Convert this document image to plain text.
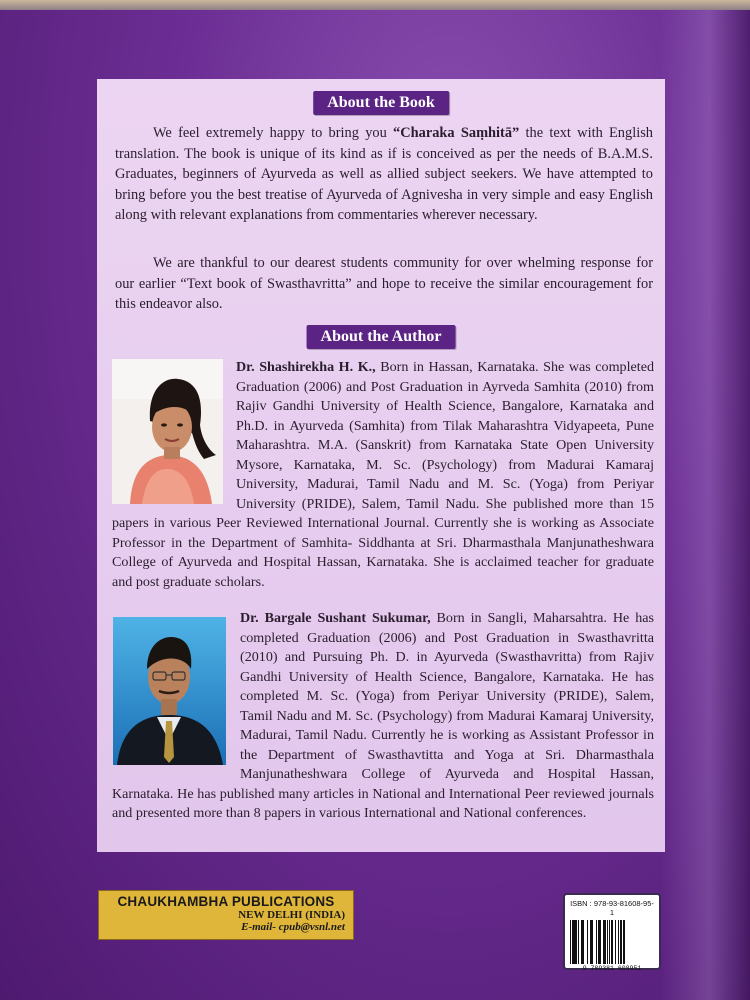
About the Book

We feel extremely happy to bring you “Charaka Saṃhitā” the text with English translation. The book is unique of its kind as if is conceived as per the needs of B.A.M.S. Graduates, beginners of Ayurveda as well as allied subject seekers. We have attempted to bring before you the best treatise of Ayurveda of Agnivesha in very simple and easy English along with relevant explanations from commentaries wherever necessary.

We are thankful to our dearest students community for over whelming response for our earlier “Text book of Swasthavritta” and hope to receive the similar encouragement for this endeavor also.

About the Author
Dr. Shashirekha H. K., Born in Hassan, Karnataka. She was completed Graduation (2006) and Post Graduation in Ayrveda Samhita (2010) from Rajiv Gandhi University of Health Science, Bangalore, Karnataka and Ph.D. in Ayurveda (Samhita) from Tilak Maharashtra Vidyapeeta, Pune Maharashtra. M.A. (Sanskrit) from Karnataka State Open University Mysore, Karnataka, M. Sc. (Psychology) from Madurai Kamaraj University, Madurai, Tamil Nadu and M. Sc. (Yoga) from Periyar University (PRIDE), Salem, Tamil Nadu. She published more than 15 papers in various Peer Reviewed International Journal. Currently she is working as Associate Professor in the Department of Samhita- Siddhanta at Sri. Dharmasthala Manjunatheshwara College of Ayurveda and Hospital Hassan, Karnataka. She is acclaimed teacher for graduate and post graduate scholars.
Dr. Bargale Sushant Sukumar, Born in Sangli, Maharsahtra. He has completed Graduation (2006) and Post Graduation in Swasthavritta (2010) and Pursuing Ph. D. in Ayurveda (Swasthavritta) from Rajiv Gandhi University of Health Science, Bangalore, Karnataka. He has completed M. Sc. (Yoga) from Periyar University (PRIDE), Salem, Tamil Nadu and M. Sc. (Psychology) from Madurai Kamaraj University, Madurai, Tamil Nadu. Currently he is working as Assistant Professor in the Department of Swasthavtitta and Yoga at Sri. Dharmasthala Manjunatheshwara College of Ayurveda and Hospital Hassan, Karnataka. He has published many articles in National and International Peer reviewed journals and presented more than 8 papers in various International and National conferences.
CHAUKHAMBHA PUBLICATIONS
NEW DELHI (INDIA)
E-mail- cpub@vsnl.net
ISBN : 978-93-81608-95-1
9 789381 608951
